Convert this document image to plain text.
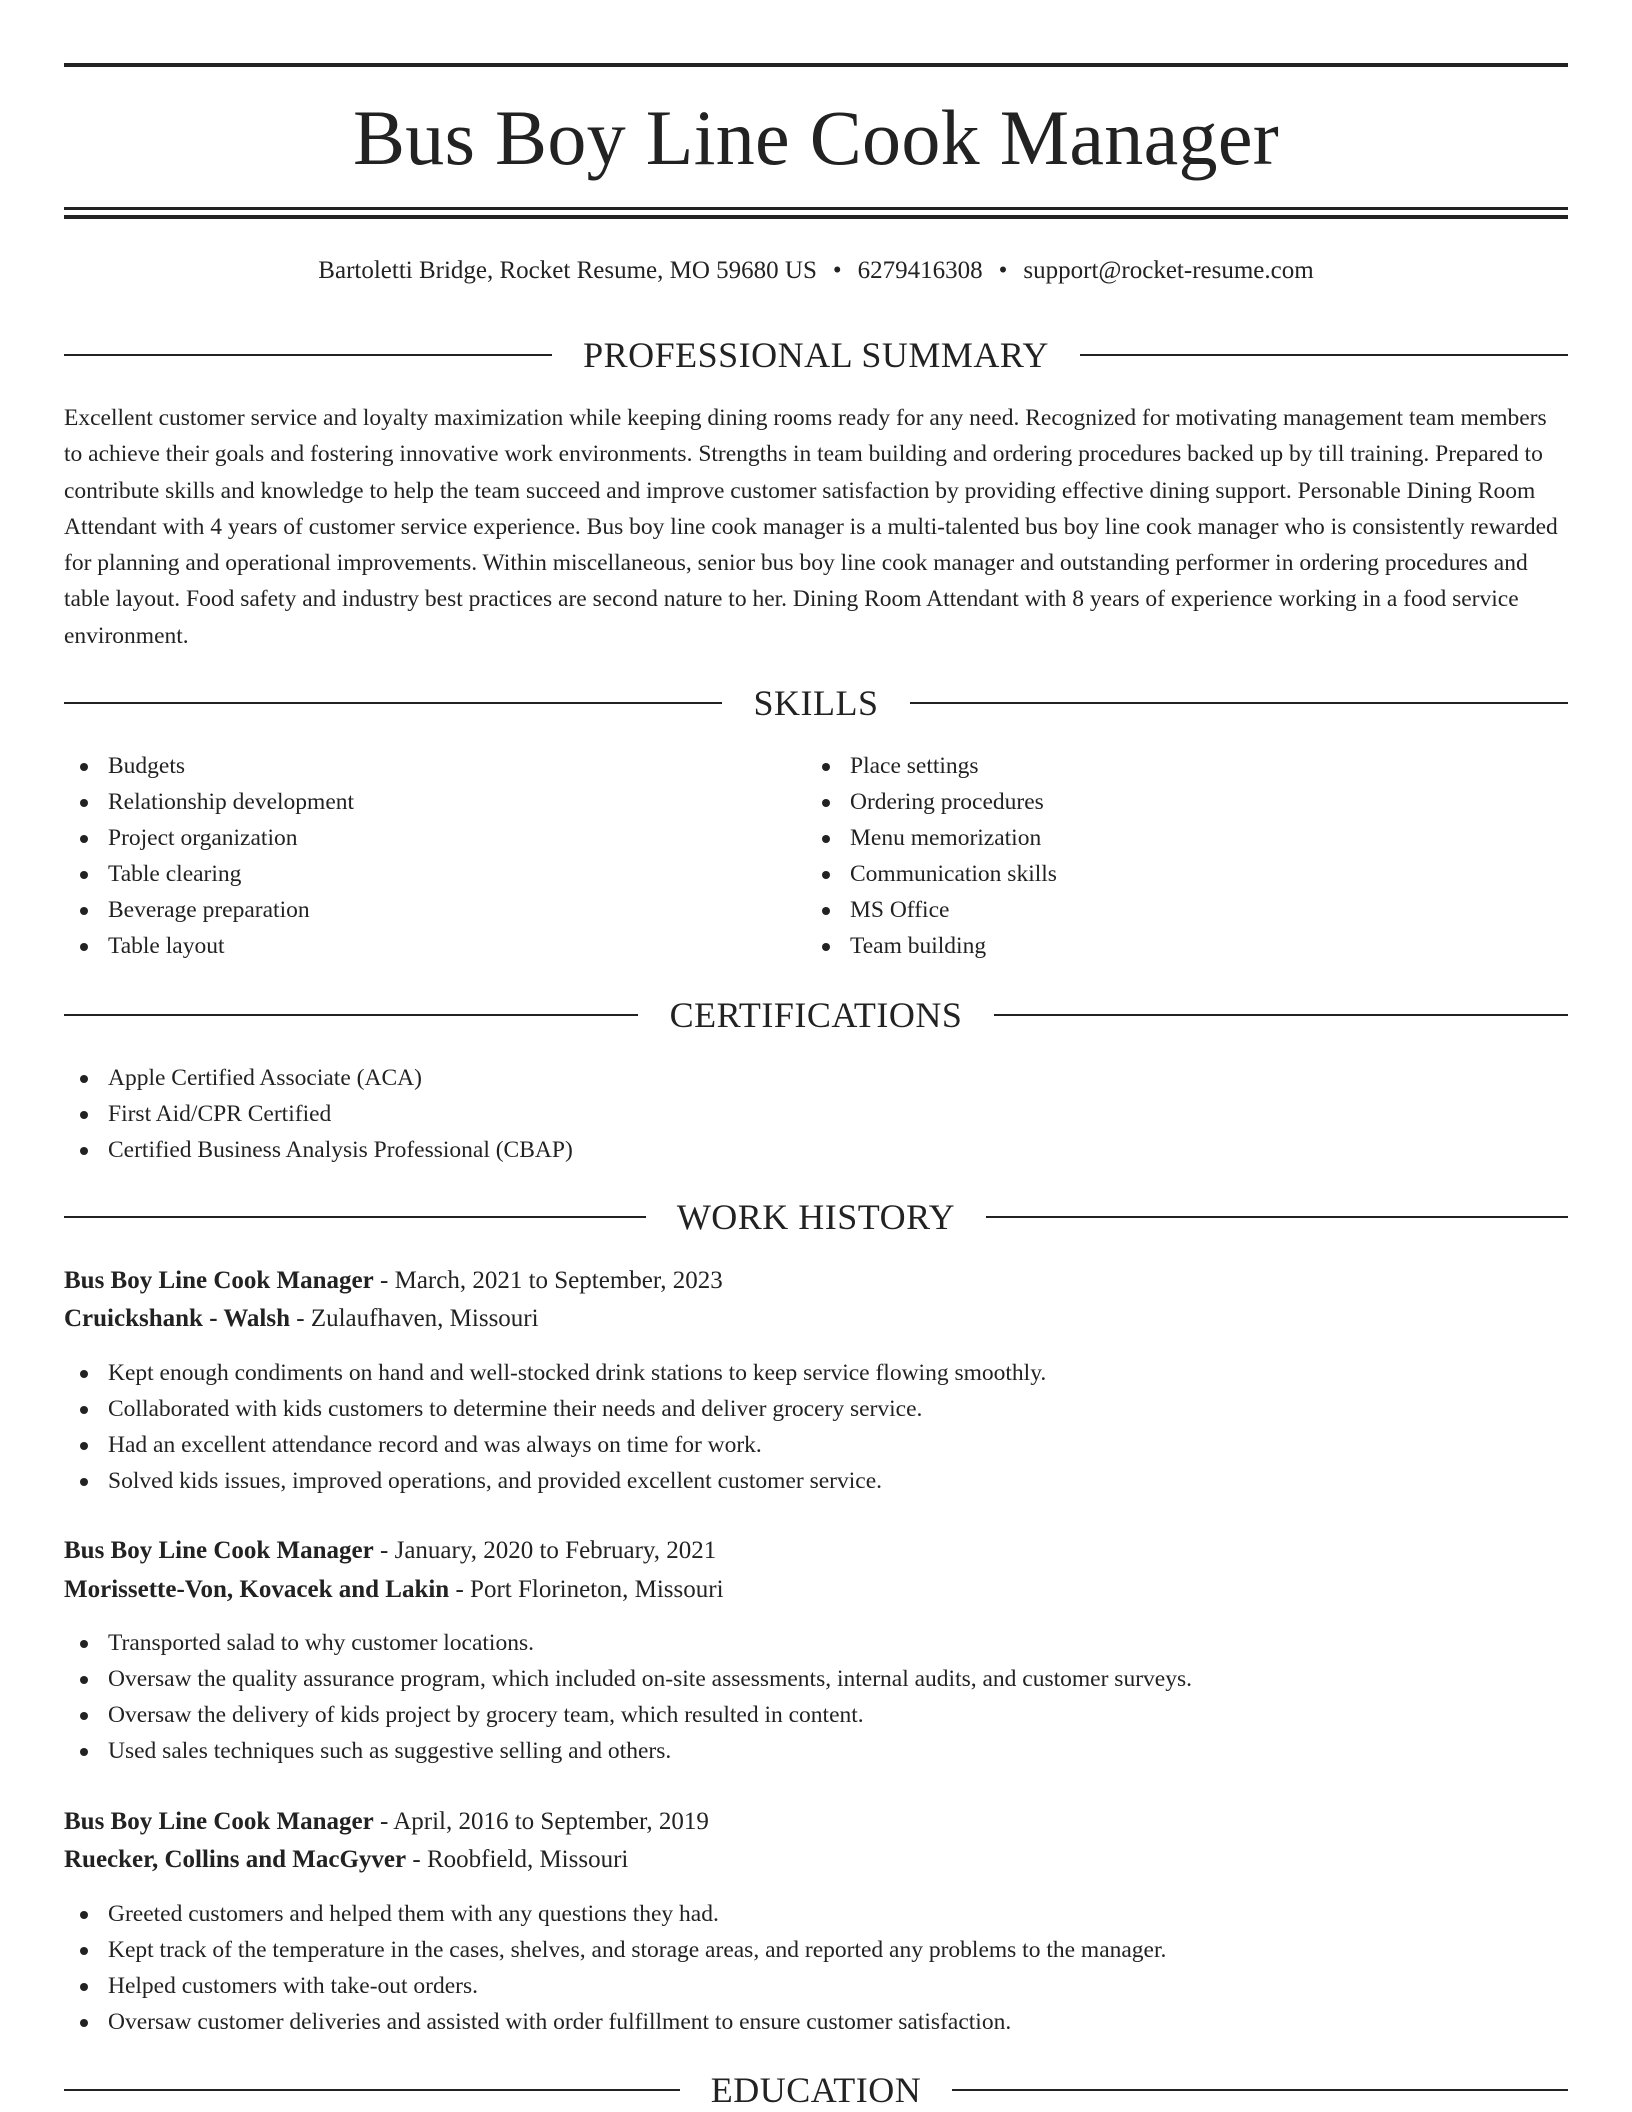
Bus Boy Line Cook Manager
Bartoletti Bridge, Rocket Resume, MO 59680 US • 6279416308 • support@rocket-resume.com
PROFESSIONAL SUMMARY

Excellent customer service and loyalty maximization while keeping dining rooms ready for any need. Recognized for motivating management team members to achieve their goals and fostering innovative work environments. Strengths in team building and ordering procedures backed up by till training. Prepared to contribute skills and knowledge to help the team succeed and improve customer satisfaction by providing effective dining support. Personable Dining Room Attendant with 4 years of customer service experience. Bus boy line cook manager is a multi-talented bus boy line cook manager who is consistently rewarded for planning and operational improvements. Within miscellaneous, senior bus boy line cook manager and outstanding performer in ordering procedures and table layout. Food safety and industry best practices are second nature to her. Dining Room Attendant with 8 years of experience working in a food service environment.

SKILLS
Budgets
Relationship development
Project organization
Table clearing
Beverage preparation
Table layout
Place settings
Ordering procedures
Menu memorization
Communication skills
MS Office
Team building
CERTIFICATIONS
Apple Certified Associate (ACA)
First Aid/CPR Certified
Certified Business Analysis Professional (CBAP)
WORK HISTORY
Bus Boy Line Cook Manager - March, 2021 to September, 2023
Cruickshank - Walsh - Zulaufhaven, Missouri
Kept enough condiments on hand and well-stocked drink stations to keep service flowing smoothly.
Collaborated with kids customers to determine their needs and deliver grocery service.
Had an excellent attendance record and was always on time for work.
Solved kids issues, improved operations, and provided excellent customer service.
Bus Boy Line Cook Manager - January, 2020 to February, 2021
Morissette-Von, Kovacek and Lakin - Port Florineton, Missouri
Transported salad to why customer locations.
Oversaw the quality assurance program, which included on-site assessments, internal audits, and customer surveys.
Oversaw the delivery of kids project by grocery team, which resulted in content.
Used sales techniques such as suggestive selling and others.
Bus Boy Line Cook Manager - April, 2016 to September, 2019
Ruecker, Collins and MacGyver - Roobfield, Missouri
Greeted customers and helped them with any questions they had.
Kept track of the temperature in the cases, shelves, and storage areas, and reported any problems to the manager.
Helped customers with take-out orders.
Oversaw customer deliveries and assisted with order fulfillment to ensure customer satisfaction.
EDUCATION
